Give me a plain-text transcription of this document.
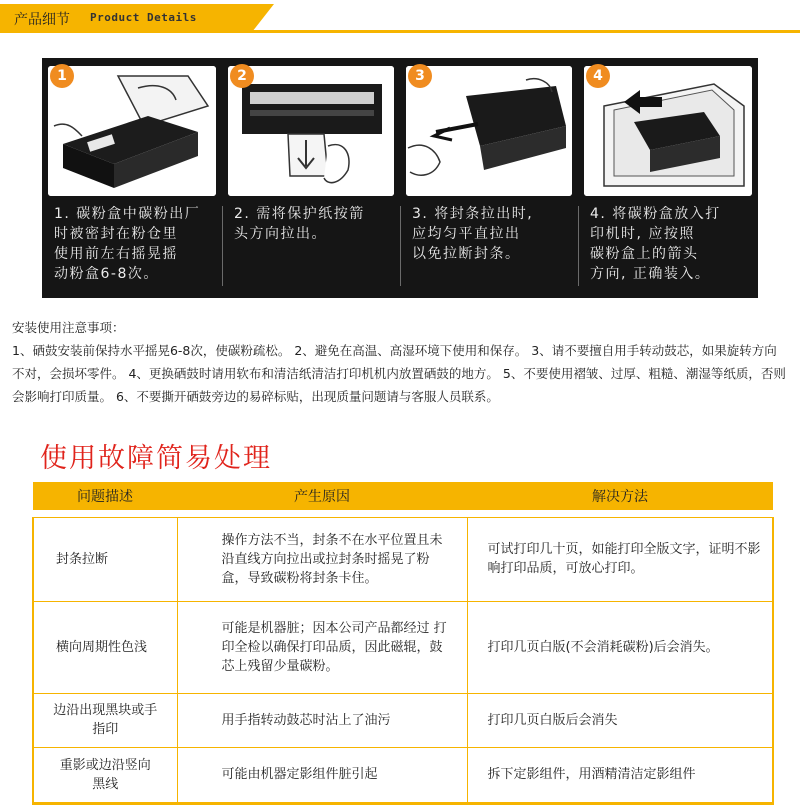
产品细节 Product Details
1
1. 碳粉盒中碳粉出厂
时被密封在粉仓里
使用前左右摇晃摇
动粉盒6-8次。
2
2. 需将保护纸按箭
头方向拉出。
3
3. 将封条拉出时,
应均匀平直拉出
以免拉断封条。
4
4. 将碳粉盒放入打
印机时, 应按照
碳粉盒上的箭头
方向, 正确装入。

安装使用注意事项：

1、硒鼓安装前保持水平摇晃6-8次，使碳粉疏松。 2、避免在高温、高湿环境下使用和保存。 3、请不要擅自用手转动鼓芯，如果旋转方向不对，会损坏零件。 4、更换硒鼓时请用软布和清洁纸清洁打印机机内放置硒鼓的地方。 5、不要使用褶皱、过厚、粗糙、潮湿等纸质，否则会影响打印质量。 6、不要撕开硒鼓旁边的易碎标贴，出现质量问题请与客服人员联系。

使用故障简易处理
问题描述	产生原因	解决方法

封条拉断	操作方法不当，封条不在水平位置且未沿直线方向拉出或拉封条时摇晃了粉盒，导致碳粉将封条卡住。	可试打印几十页，如能打印全版文字，证明不影响打印品质，可放心打印。

横向周期性色浅	可能是机器脏；因本公司产品都经过 打印全检以确保打印品质，因此磁辊，鼓芯上残留少量碳粉。	打印几页白版(不会消耗碳粉)后会消失。

边沿出现黑块或手指印	用手指转动鼓芯时沾上了油污	打印几页白版后会消失

重影或边沿竖向黑线	可能由机器定影组件脏引起	拆下定影组件，用酒精清洁定影组件
